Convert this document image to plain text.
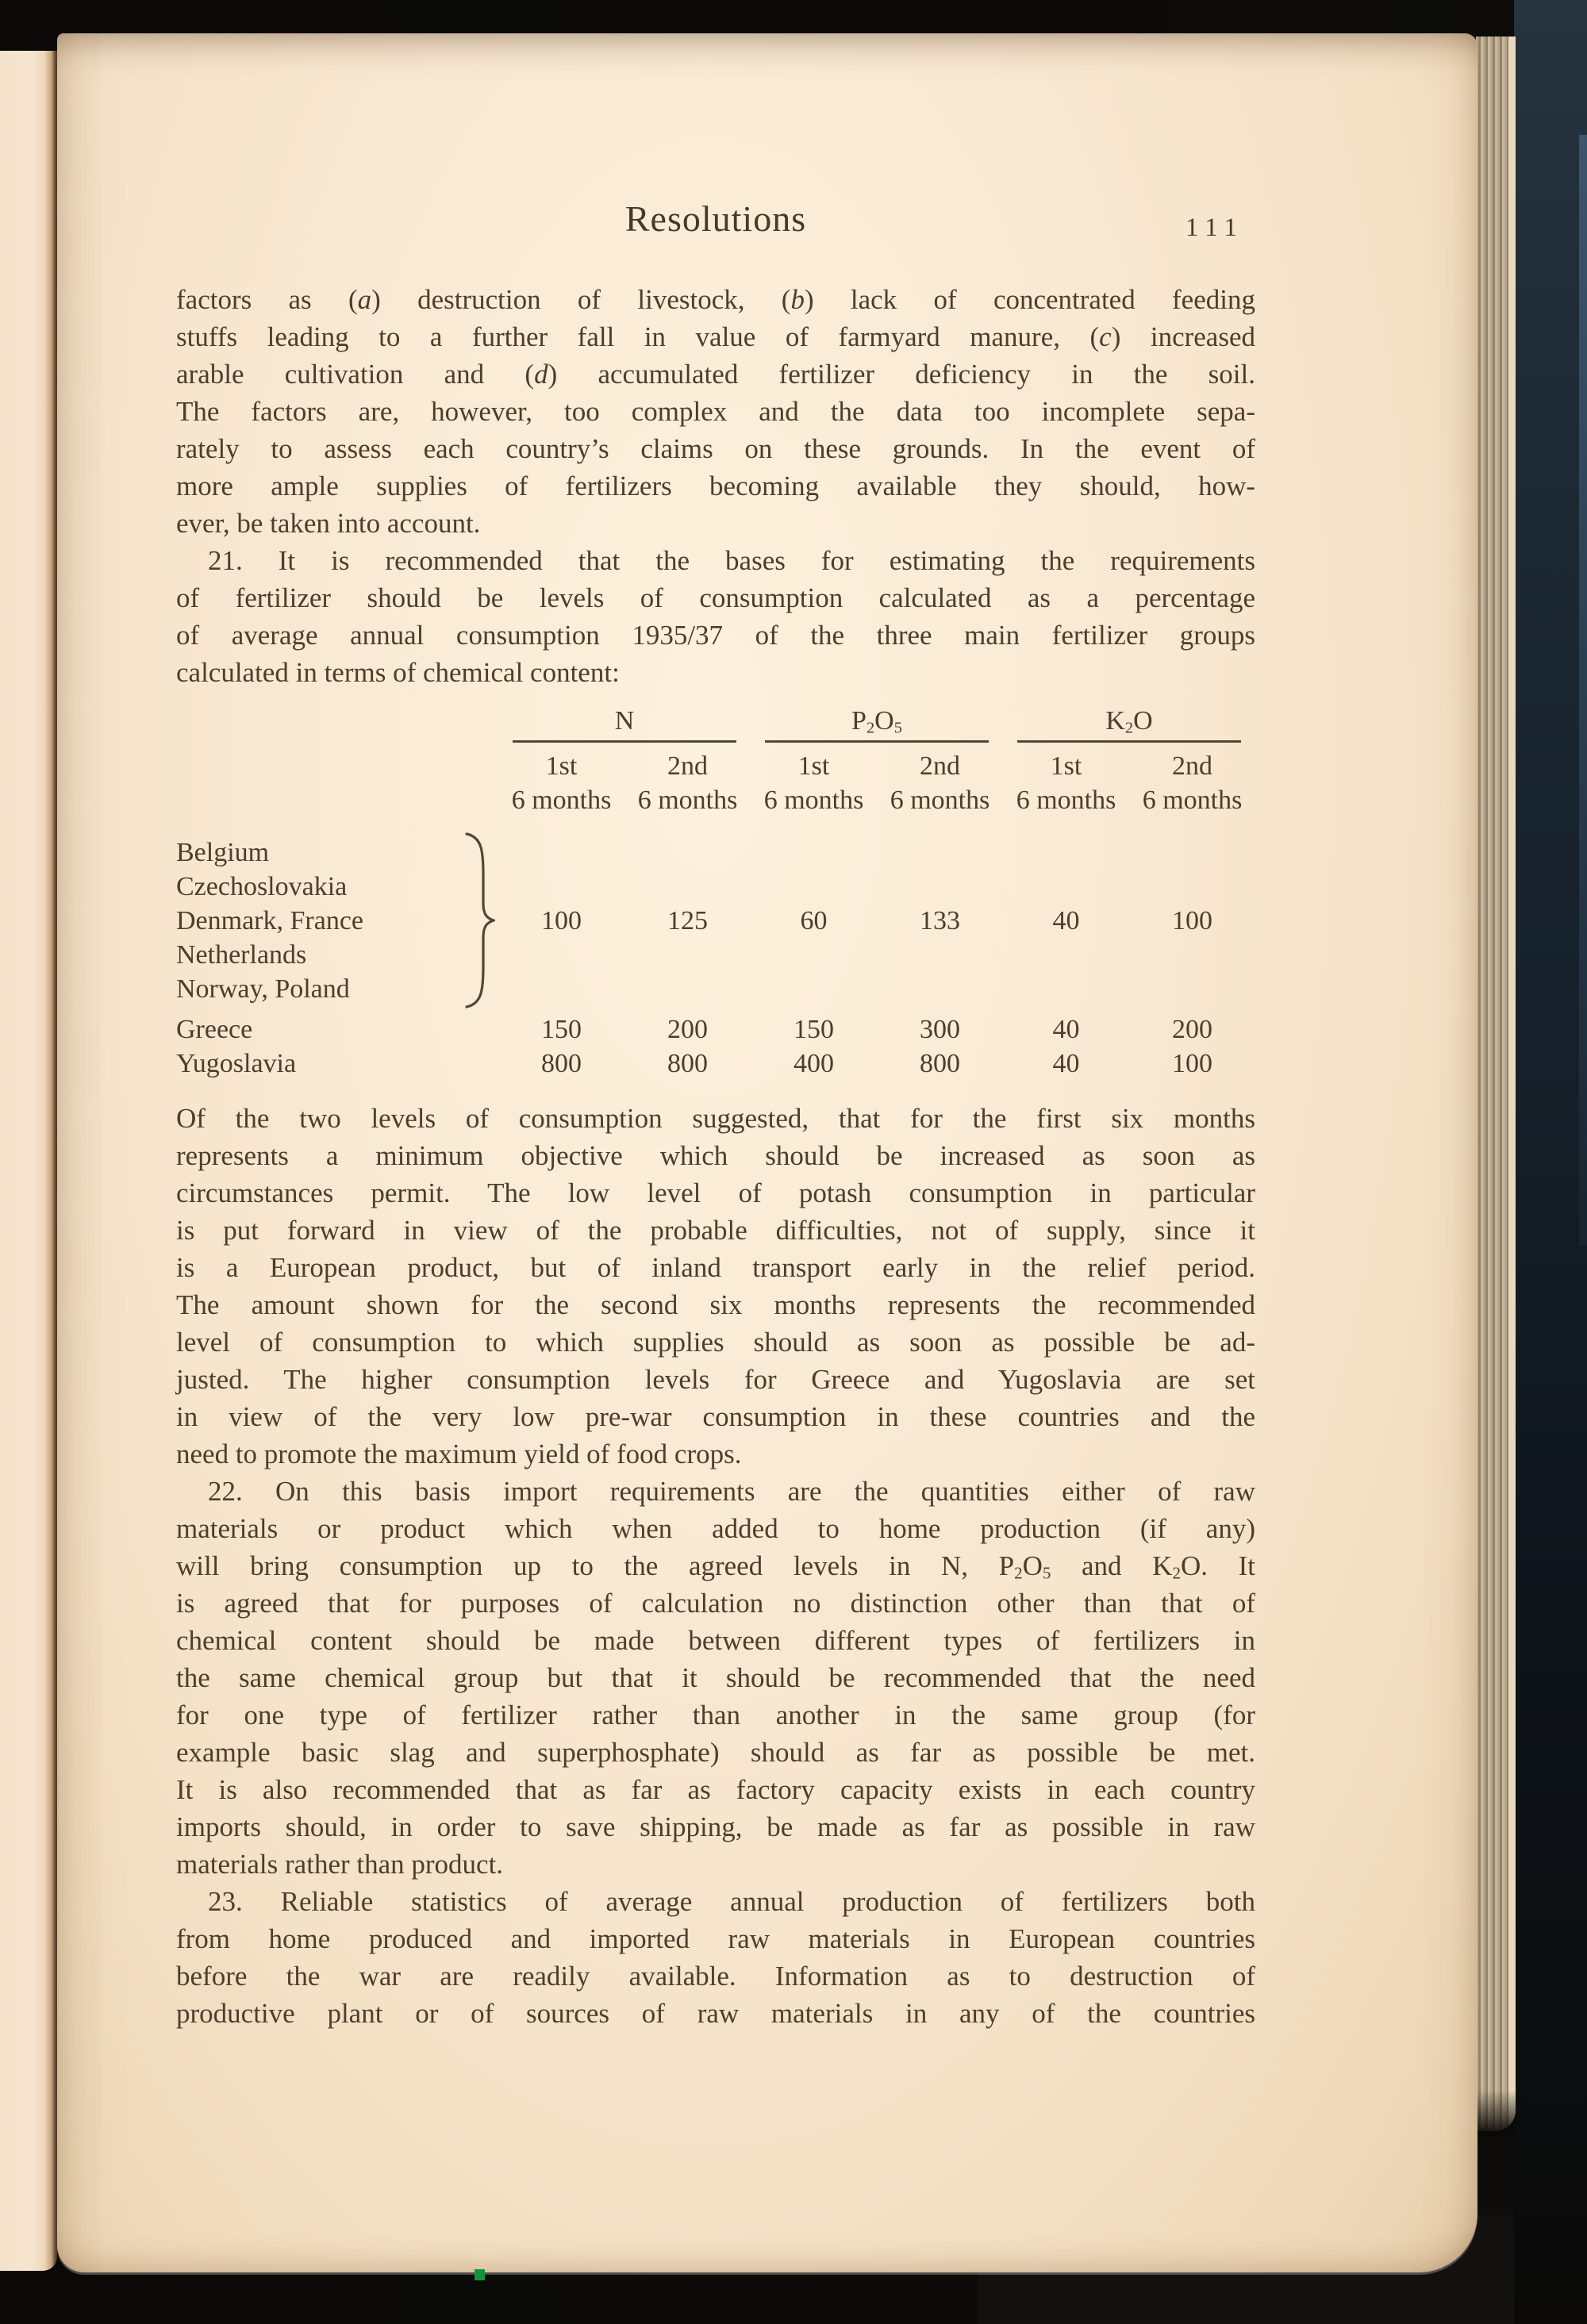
Resolutions	111
factors as (a) destruction of livestock, (b) lack of concentrated feeding
stuffs leading to a further fall in value of farmyard manure, (c) increased
arable cultivation and (d) accumulated fertilizer deficiency in the soil.
The factors are, however, too complex and the data too incomplete sepa-
rately to assess each country’s claims on these grounds. In the event of
more ample supplies of fertilizers becoming available they should, how-
ever, be taken into account.
21. It is recommended that the bases for estimating the requirements
of fertilizer should be levels of consumption calculated as a percentage
of average annual consumption 1935/37 of the three main fertilizer groups
calculated in terms of chemical content:
N	$P_2O_5$	$K_2O$
1st	2nd	1st	2nd	1st	2nd
6 months 6 months 6 months 6 months 6 months 6 months
Belgium
Czechoslovakia
Denmark, France
Netherlands
Norway, Poland
100	125	60	133	40	100
Greece	150	200	150	300	40	200
Yugoslavia	800	800	400	800	40	100
Of the two levels of consumption suggested, that for the first six months
represents a minimum objective which should be increased as soon as
circumstances permit. The low level of potash consumption in particular
is put forward in view of the probable difficulties, not of supply, since it
is a European product, but of inland transport early in the relief period.
The amount shown for the second six months represents the recommended
level of consumption to which supplies should as soon as possible be ad-
justed. The higher consumption levels for Greece and Yugoslavia are set
in view of the very low pre-war consumption in these countries and the
need to promote the maximum yield of food crops.
22. On this basis import requirements are the quantities either of raw
materials or product which when added to home production (if any)
will bring consumption up to the agreed levels in N, $P_2O_5$ and $K_2O$. It
is agreed that for purposes of calculation no distinction other than that of
chemical content should be made between different types of fertilizers in
the same chemical group but that it should be recommended that the need
for one type of fertilizer rather than another in the same group (for
example basic slag and superphosphate) should as far as possible be met.
It is also recommended that as far as factory capacity exists in each country
imports should, in order to save shipping, be made as far as possible in raw
materials rather than product.
23. Reliable statistics of average annual production of fertilizers both
from home produced and imported raw materials in European countries
before the war are readily available. Information as to destruction of
productive plant or of sources of raw materials in any of the countries
